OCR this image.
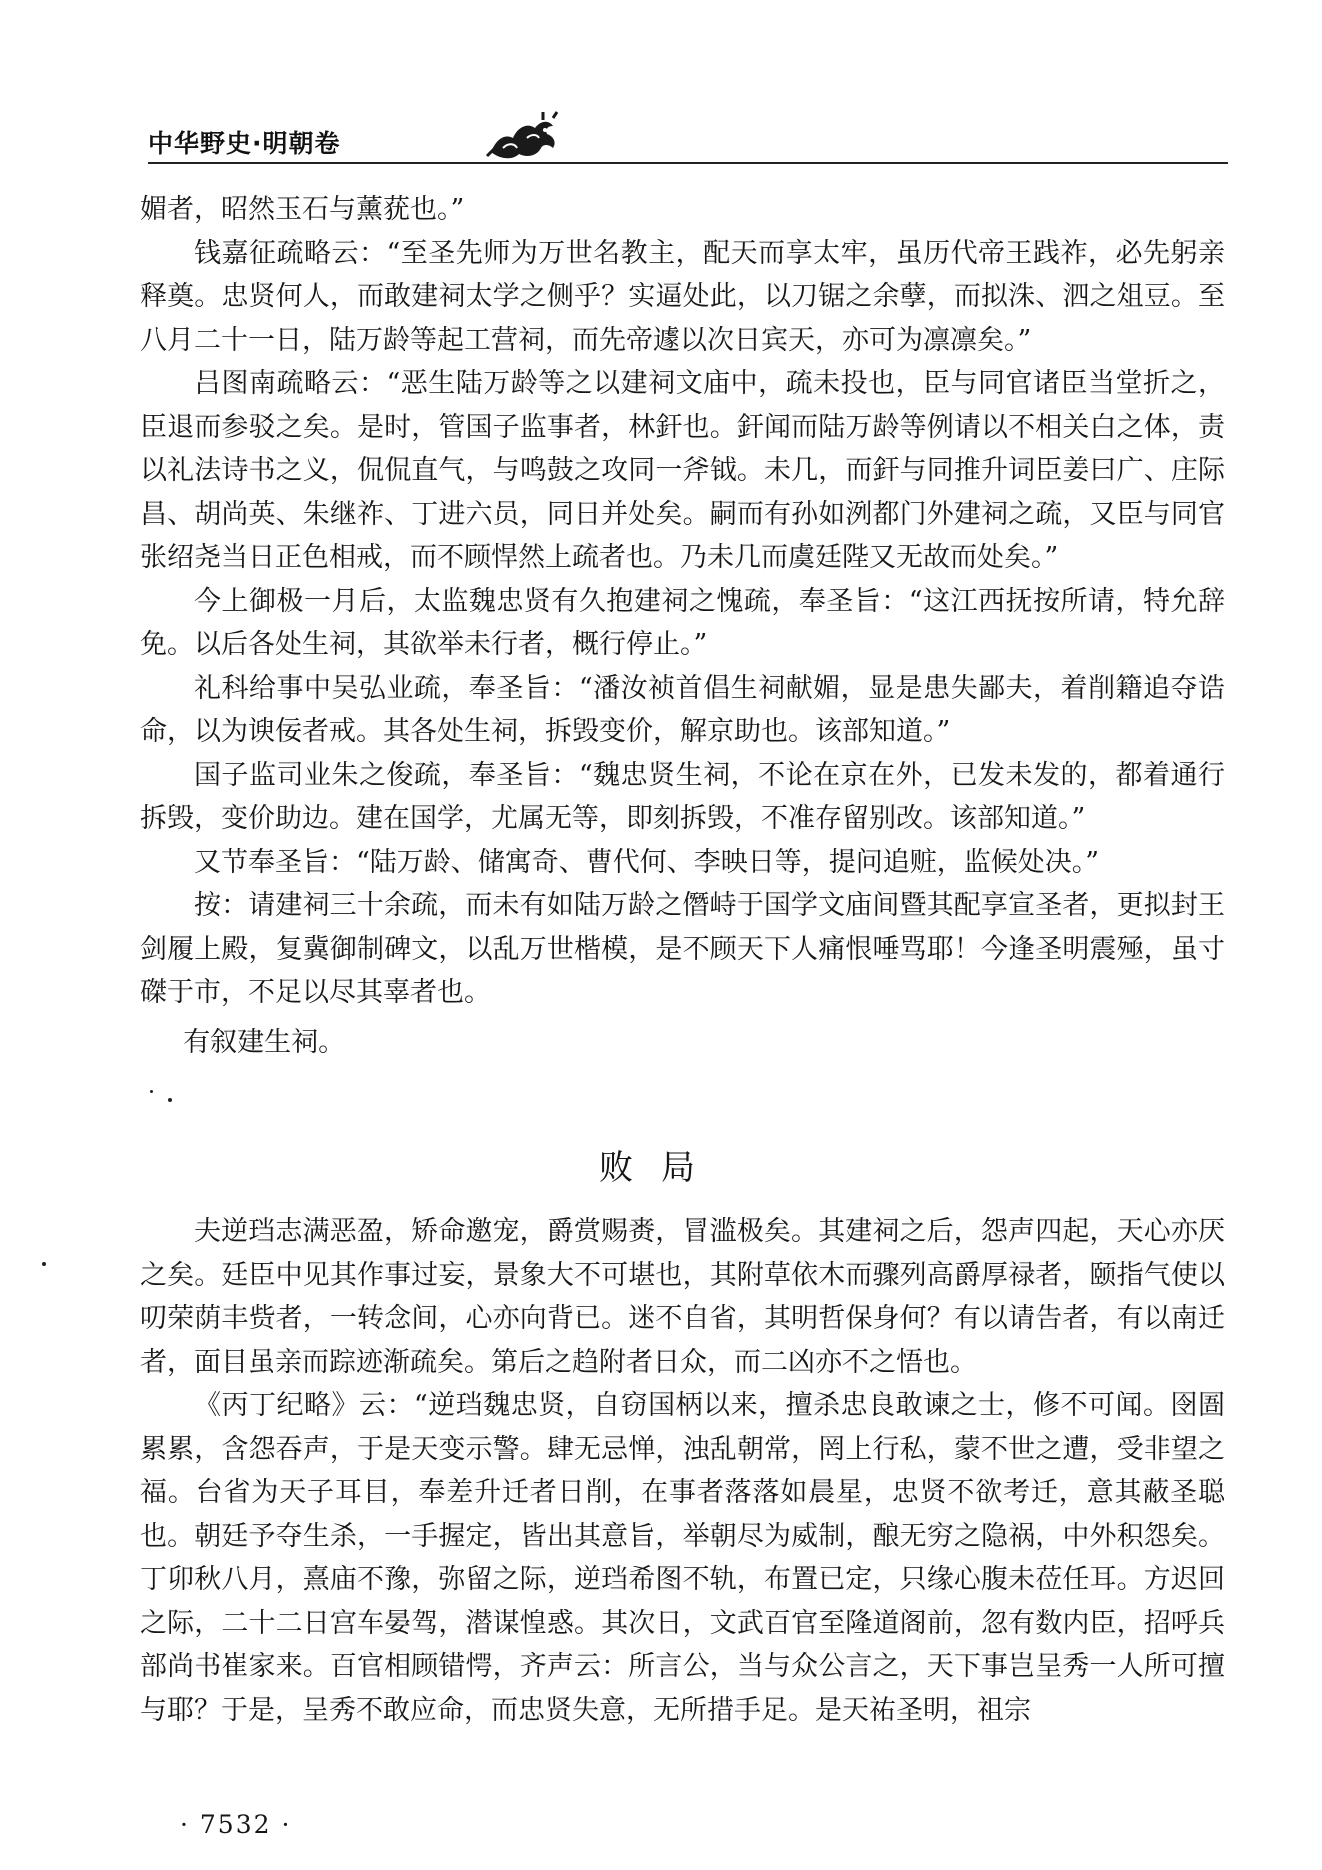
中华野史·明朝卷

媚者，昭然玉石与薰莸也。”

钱嘉征疏略云：“至圣先师为万世名教主，配天而享太牢，虽历代帝王践祚，必先躬亲释奠。忠贤何人，而敢建祠太学之侧乎？实逼处此，以刀锯之余孽，而拟洙、泗之俎豆。至八月二十一日，陆万龄等起工营祠，而先帝遽以次日宾天，亦可为凛凛矣。”

吕图南疏略云：“恶生陆万龄等之以建祠文庙中，疏未投也，臣与同官诸臣当堂折之，臣退而参驳之矣。是时，管国子监事者，林釬也。釬闻而陆万龄等例请以不相关白之体，责以礼法诗书之义，侃侃直气，与鸣鼓之攻同一斧钺。未几，而釬与同推升词臣姜曰广、庄际昌、胡尚英、朱继祚、丁进六员，同日并处矣。嗣而有孙如洌都门外建祠之疏，又臣与同官张绍尧当日正色相戒，而不顾悍然上疏者也。乃未几而虞廷陛又无故而处矣。”

今上御极一月后，太监魏忠贤有久抱建祠之愧疏，奉圣旨：“这江西抚按所请，特允辞免。以后各处生祠，其欲举未行者，概行停止。”

礼科给事中吴弘业疏，奉圣旨：“潘汝祯首倡生祠献媚，显是患失鄙夫，着削籍追夺诰命，以为谀佞者戒。其各处生祠，拆毁变价，解京助也。该部知道。”

国子监司业朱之俊疏，奉圣旨：“魏忠贤生祠，不论在京在外，已发未发的，都着通行拆毁，变价助边。建在国学，尤属无等，即刻拆毁，不准存留别改。该部知道。”

又节奉圣旨：“陆万龄、储寓奇、曹代何、李映日等，提问追赃，监候处决。”

按：请建祠三十余疏，而未有如陆万龄之僭峙于国学文庙间暨其配享宣圣者，更拟封王剑履上殿，复冀御制碑文，以乱万世楷模，是不顾天下人痛恨唾骂耶！今逢圣明震殛，虽寸磔于市，不足以尽其辜者也。

有叙建生祠。

败局

夫逆珰志满恶盈，矫命邀宠，爵赏赐赉，冒滥极矣。其建祠之后，怨声四起，天心亦厌之矣。廷臣中见其作事过妄，景象大不可堪也，其附草依木而骤列高爵厚禄者，颐指气使以叨荣荫丰赀者，一转念间，心亦向背已。迷不自省，其明哲保身何？有以请告者，有以南迁者，面目虽亲而踪迹渐疏矣。第后之趋附者日众，而二凶亦不之悟也。

《丙丁纪略》云：“逆珰魏忠贤，自窃国柄以来，擅杀忠良敢谏之士，修不可闻。囹圄累累，含怨吞声，于是天变示警。肆无忌惮，浊乱朝常，罔上行私，蒙不世之遭，受非望之福。台省为天子耳目，奉差升迁者日削，在事者落落如晨星，忠贤不欲考迁，意其蔽圣聪也。朝廷予夺生杀，一手握定，皆出其意旨，举朝尽为威制，酿无穷之隐祸，中外积怨矣。丁卯秋八月，熹庙不豫，弥留之际，逆珰希图不轨，布置已定，只缘心腹未莅任耳。方迟回之际，二十二日宫车晏驾，潜谋惶惑。其次日，文武百官至隆道阁前，忽有数内臣，招呼兵部尚书崔家来。百官相顾错愕，齐声云：所言公，当与众公言之，天下事岂呈秀一人所可擅与耶？于是，呈秀不敢应命，而忠贤失意，无所措手足。是天祐圣明，祖宗

· 7532 ·
